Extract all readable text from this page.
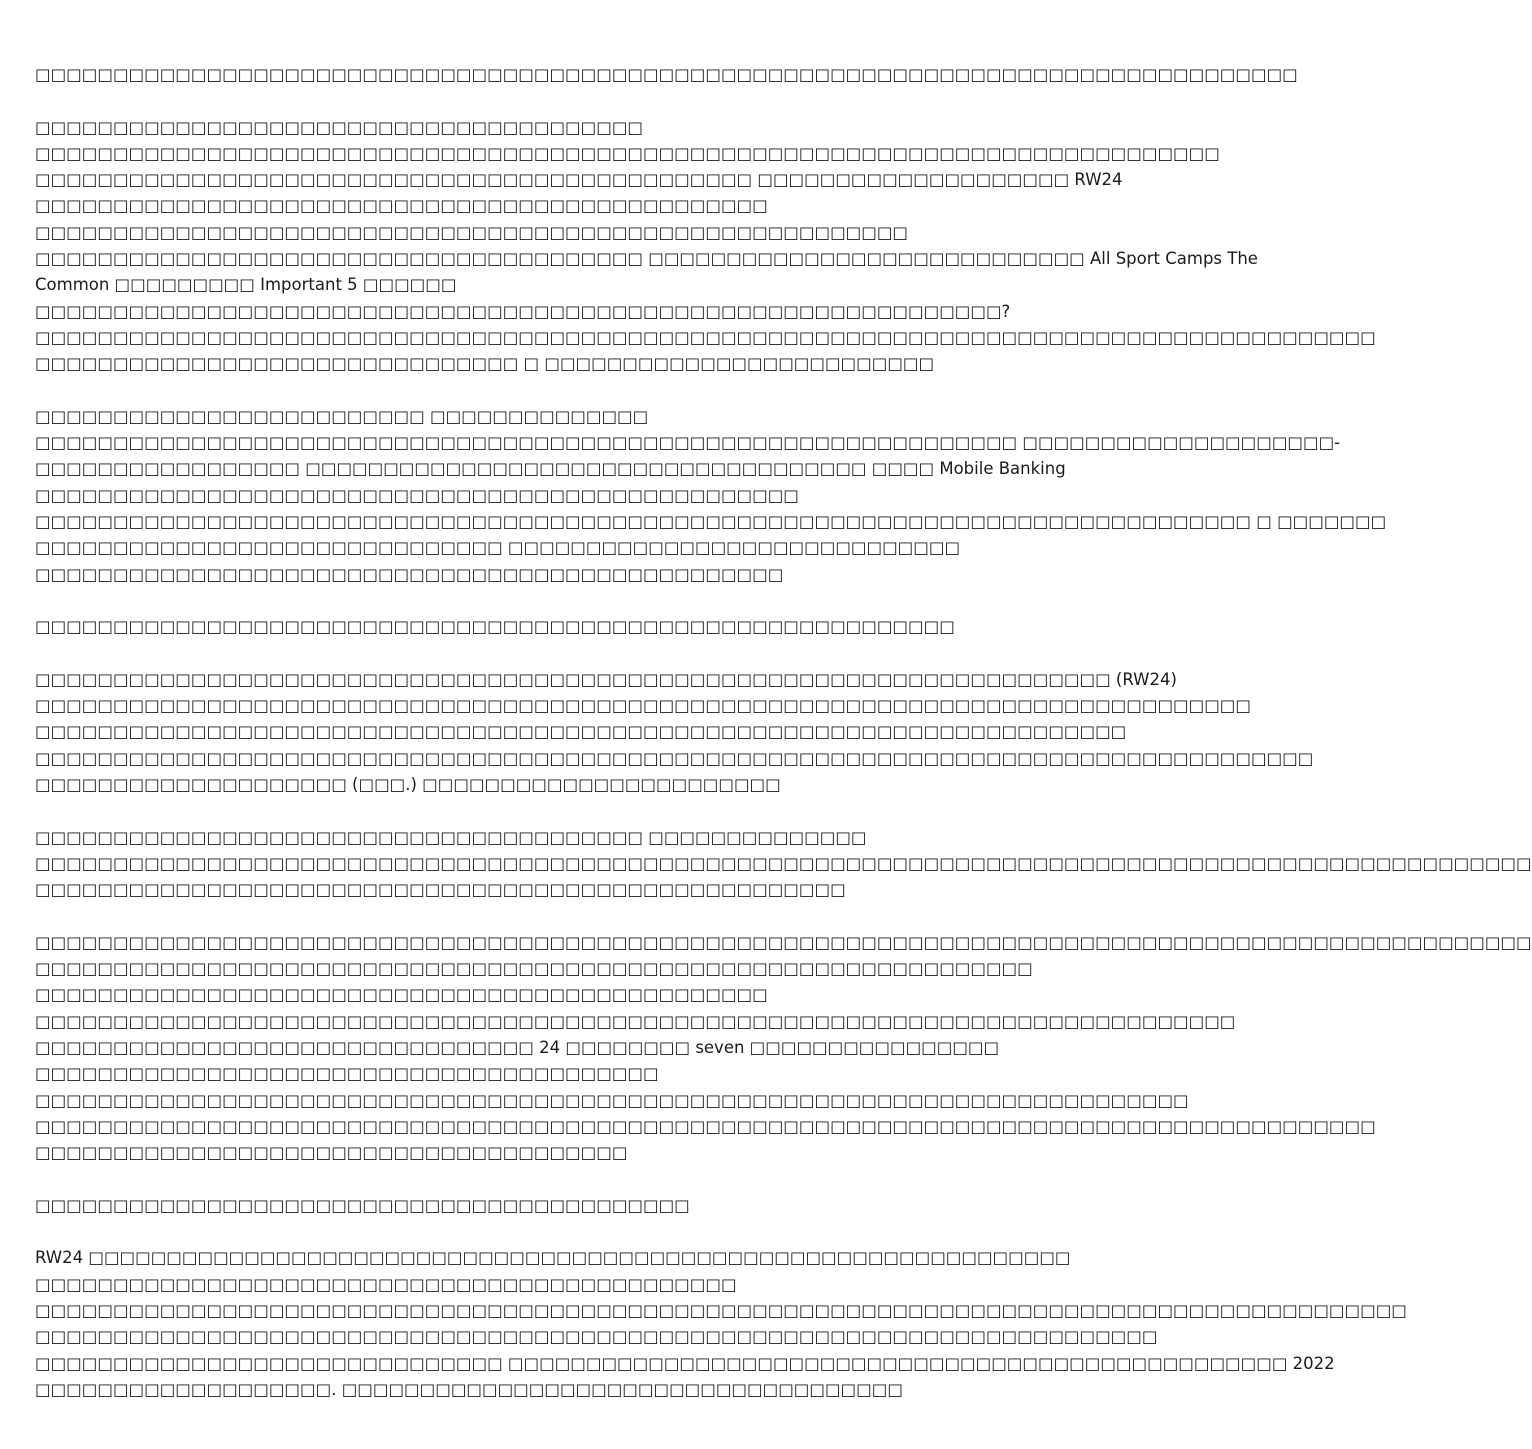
□□□□□□□□□□□□□□□□□□□□□□□□□□□□□□□□□□□□□□□□□□□□□□□□□□□□□□□□□□□□□□□□□□□□□□□□□□□□□□□□□
□□□□□□□□□□□□□□□□□□□□□□□□□□□□□□□□□□□□□□□
□□□□□□□□□□□□□□□□□□□□□□□□□□□□□□□□□□□□□□□□□□□□□□□□□□□□□□□□□□□□□□□□□□□□□□□□□□□□
□□□□□□□□□□□□□□□□□□□□□□□□□□□□□□□□□□□□□□□□□□□□□□ □□□□□□□□□□□□□□□□□□□□ RW24
□□□□□□□□□□□□□□□□□□□□□□□□□□□□□□□□□□□□□□□□□□□□□□□
□□□□□□□□□□□□□□□□□□□□□□□□□□□□□□□□□□□□□□□□□□□□□□□□□□□□□□□□
□□□□□□□□□□□□□□□□□□□□□□□□□□□□□□□□□□□□□□□ □□□□□□□□□□□□□□□□□□□□□□□□□□□□ All Sport Camps The
Common □□□□□□□□□ Important 5 □□□□□□
□□□□□□□□□□□□□□□□□□□□□□□□□□□□□□□□□□□□□□□□□□□□□□□□□□□□□□□□□□□□□□?
□□□□□□□□□□□□□□□□□□□□□□□□□□□□□□□□□□□□□□□□□□□□□□□□□□□□□□□□□□□□□□□□□□□□□□□□□□□□□□□□□□□□□□
□□□□□□□□□□□□□□□□□□□□□□□□□□□□□□□ □ □□□□□□□□□□□□□□□□□□□□□□□□□
□□□□□□□□□□□□□□□□□□□□□□□□□ □□□□□□□□□□□□□□
□□□□□□□□□□□□□□□□□□□□□□□□□□□□□□□□□□□□□□□□□□□□□□□□□□□□□□□□□□□□□□□ □□□□□□□□□□□□□□□□□□□□-
□□□□□□□□□□□□□□□□□ □□□□□□□□□□□□□□□□□□□□□□□□□□□□□□□□□□□□ □□□□ Mobile Banking
□□□□□□□□□□□□□□□□□□□□□□□□□□□□□□□□□□□□□□□□□□□□□□□□□
□□□□□□□□□□□□□□□□□□□□□□□□□□□□□□□□□□□□□□□□□□□□□□□□□□□□□□□□□□□□□□□□□□□□□□□□□□□□□□ □ □□□□□□□
□□□□□□□□□□□□□□□□□□□□□□□□□□□□□□ □□□□□□□□□□□□□□□□□□□□□□□□□□□□□
□□□□□□□□□□□□□□□□□□□□□□□□□□□□□□□□□□□□□□□□□□□□□□□□
□□□□□□□□□□□□□□□□□□□□□□□□□□□□□□□□□□□□□□□□□□□□□□□□□□□□□□□□□□□
□□□□□□□□□□□□□□□□□□□□□□□□□□□□□□□□□□□□□□□□□□□□□□□□□□□□□□□□□□□□□□□□□□□□□ (RW24)
□□□□□□□□□□□□□□□□□□□□□□□□□□□□□□□□□□□□□□□□□□□□□□□□□□□□□□□□□□□□□□□□□□□□□□□□□□□□□□
□□□□□□□□□□□□□□□□□□□□□□□□□□□□□□□□□□□□□□□□□□□□□□□□□□□□□□□□□□□□□□□□□□□□□□
□□□□□□□□□□□□□□□□□□□□□□□□□□□□□□□□□□□□□□□□□□□□□□□□□□□□□□□□□□□□□□□□□□□□□□□□□□□□□□□□□□
□□□□□□□□□□□□□□□□□□□□ (□□□.) □□□□□□□□□□□□□□□□□□□□□□□
□□□□□□□□□□□□□□□□□□□□□□□□□□□□□□□□□□□□□□□ □□□□□□□□□□□□□□
□□□□□□□□□□□□□□□□□□□□□□□□□□□□□□□□□□□□□□□□□□□□□□□□□□□□□□□□□□□□□□□□□□□□□□□□□□□□□□□□□□□□□□□□□□□□□□□□
□□□□□□□□□□□□□□□□□□□□□□□□□□□□□□□□□□□□□□□□□□□□□□□□□□□□
□□□□□□□□□□□□□□□□□□□□□□□□□□□□□□□□□□□□□□□□□□□□□□□□□□□□□□□□□□□□□□□□□□□□□□□□□□□□□□□□□□□□□□□□□□□□□□□□
□□□□□□□□□□□□□□□□□□□□□□□□□□□□□□□□□□□□□□□□□□□□□□□□□□□□□□□□□□□□□□□□
□□□□□□□□□□□□□□□□□□□□□□□□□□□□□□□□□□□□□□□□□□□□□□□
□□□□□□□□□□□□□□□□□□□□□□□□□□□□□□□□□□□□□□□□□□□□□□□□□□□□□□□□□□□□□□□□□□□□□□□□□□□□□
□□□□□□□□□□□□□□□□□□□□□□□□□□□□□□□□ 24 □□□□□□□□ seven □□□□□□□□□□□□□□□□
□□□□□□□□□□□□□□□□□□□□□□□□□□□□□□□□□□□□□□□□
□□□□□□□□□□□□□□□□□□□□□□□□□□□□□□□□□□□□□□□□□□□□□□□□□□□□□□□□□□□□□□□□□□□□□□□□□□
□□□□□□□□□□□□□□□□□□□□□□□□□□□□□□□□□□□□□□□□□□□□□□□□□□□□□□□□□□□□□□□□□□□□□□□□□□□□□□□□□□□□□□
□□□□□□□□□□□□□□□□□□□□□□□□□□□□□□□□□□□□□□
□□□□□□□□□□□□□□□□□□□□□□□□□□□□□□□□□□□□□□□□□□
RW24 □□□□□□□□□□□□□□□□□□□□□□□□□□□□□□□□□□□□□□□□□□□□□□□□□□□□□□□□□□□□□□□
□□□□□□□□□□□□□□□□□□□□□□□□□□□□□□□□□□□□□□□□□□□□□
□□□□□□□□□□□□□□□□□□□□□□□□□□□□□□□□□□□□□□□□□□□□□□□□□□□□□□□□□□□□□□□□□□□□□□□□□□□□□□□□□□□□□□□□
□□□□□□□□□□□□□□□□□□□□□□□□□□□□□□□□□□□□□□□□□□□□□□□□□□□□□□□□□□□□□□□□□□□□□□□□
□□□□□□□□□□□□□□□□□□□□□□□□□□□□□□ □□□□□□□□□□□□□□□□□□□□□□□□□□□□□□□□□□□□□□□□□□□□□□□□□□ 2022
□□□□□□□□□□□□□□□□□□□. □□□□□□□□□□□□□□□□□□□□□□□□□□□□□□□□□□□□
